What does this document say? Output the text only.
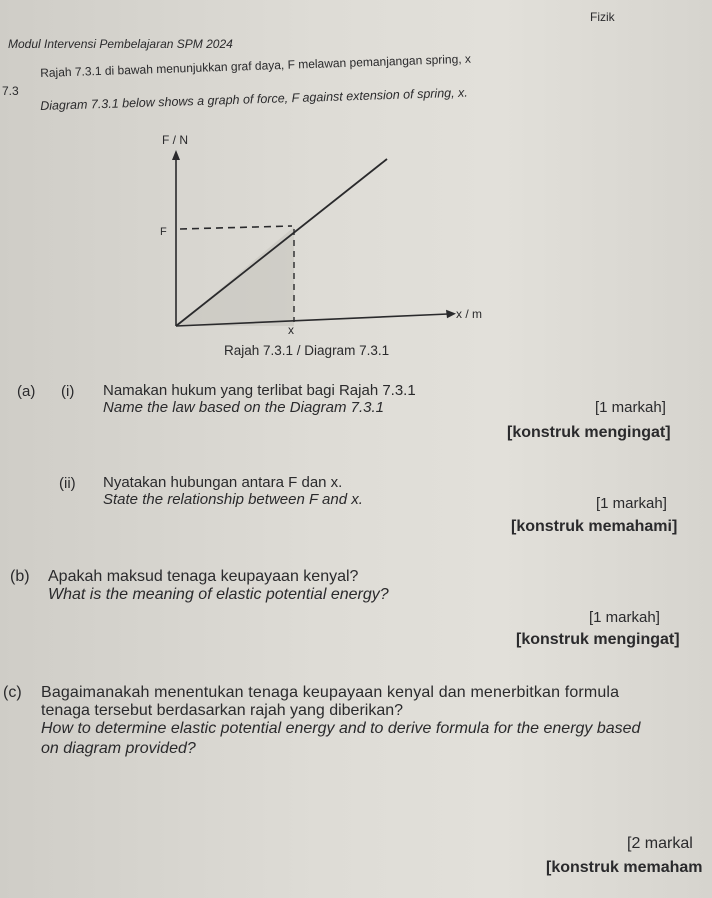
Fizik
Modul Intervensi Pembelajaran SPM 2024
7.3
Rajah 7.3.1 di bawah menunjukkan graf daya, F melawan pemanjangan spring, x
Diagram 7.3.1 below shows a graph of force, F against extension of spring, x.
F / N
F
x
x / m
Rajah 7.3.1 / Diagram 7.3.1
(a) (i) Namakan hukum yang terlibat bagi Rajah 7.3.1
Name the law based on the Diagram 7.3.1	[1 markah]
[konstruk mengingat]
(ii) Nyatakan hubungan antara F dan x.
State the relationship between F and x.	[1 markah]
[konstruk memahami]
(b) Apakah maksud tenaga keupayaan kenyal?
What is the meaning of elastic potential energy?
[1 markah]
[konstruk mengingat]
(c) Bagaimanakah menentukan tenaga keupayaan kenyal dan menerbitkan formula
tenaga tersebut berdasarkan rajah yang diberikan?
How to determine elastic potential energy and to derive formula for the energy based
on diagram provided?
[2 markal
[konstruk memaham
